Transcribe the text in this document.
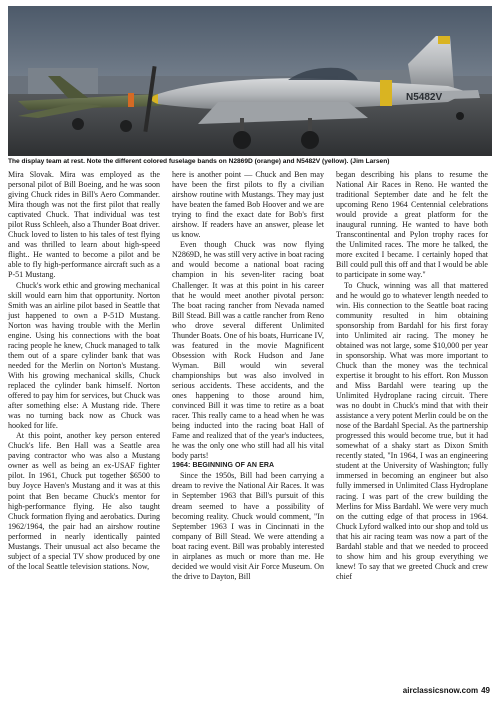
N5482V
The display team at rest. Note the different colored fuselage bands on N2869D (orange) and N5482V (yellow). (Jim Larsen)

Mira Slovak. Mira was employed as the personal pilot of Bill Boeing, and he was soon giving Chuck rides in Bill's Aero Commander. Mira though was not the first pilot that really captivated Chuck. That individual was test pilot Russ Schleeh, also a Thunder Boat driver. Chuck loved to listen to his tales of test flying and was thrilled to learn about high-speed flight.. He wanted to become a pilot and be able to fly high-performance aircraft such as a P-51 Mustang.

Chuck's work ethic and growing mechanical skill would earn him that opportunity. Norton Smith was an airline pilot based in Seattle that just happened to own a P-51D Mustang. Norton was having trouble with the Merlin engine. Using his connections with the boat racing people he knew, Chuck managed to talk them out of a spare cylinder bank that was needed for the Merlin on Norton's Mustang. With his growing mechanical skills, Chuck replaced the cylinder bank himself. Norton offered to pay him for services, but Chuck was after something else: A Mustang ride. There was no turning back now as Chuck was hooked for life.

At this point, another key person entered Chuck's life. Ben Hall was a Seattle area paving contractor who was also a Mustang owner as well as being an ex-USAF fighter pilot. In 1961, Chuck put together $6500 to buy Joyce Haven's Mustang and it was at this point that Ben became Chuck's mentor for high-performance flying. He also taught Chuck formation flying and aerobatics. During 1962/1964, the pair had an airshow routine performed in nearly identically painted Mustangs. Their unusual act also became the subject of a special TV show produced by one of the local Seattle television stations. Now,

here is another point — Chuck and Ben may have been the first pilots to fly a civilian airshow routine with Mustangs. They may just have beaten the famed Bob Hoover and we are trying to find the exact date for Bob's first airshow. If readers have an answer, please let us know.

Even though Chuck was now flying N2869D, he was still very active in boat racing and would become a national boat racing champion in his seven-liter racing boat Challenger. It was at this point in his career that he would meet another pivotal person: The boat racing rancher from Nevada named Bill Stead. Bill was a cattle rancher from Reno who drove several different Unlimited Thunder Boats. One of his boats, Hurricane IV, was featured in the movie Magnificent Obsession with Rock Hudson and Jane Wyman. Bill would win several championships but was also involved in serious accidents. These accidents, and the ones happening to those around him, convinced Bill it was time to retire as a boat racer. This really came to a head when he was being inducted into the racing boat Hall of Fame and realized that of the year's inductees, he was the only one who still had all his vital body parts!

1964: BEGINNING OF AN ERA

Since the 1950s, Bill had been carrying a dream to revive the National Air Races. It was in September 1963 that Bill's pursuit of this dream seemed to have a possibility of becoming reality. Chuck would comment, "In September 1963 I was in Cincinnati in the company of Bill Stead. We were attending a boat racing event. Bill was probably interested in airplanes as much or more than me. He decided we would visit Air Force Museum. On the drive to Dayton, Bill

began describing his plans to resume the National Air Races in Reno. He wanted the traditional September date and he felt the upcoming Reno 1964 Centennial celebrations would provide a great platform for the inaugural running. He wanted to have both Transcontinental and Pylon trophy races for the Unlimited races. The more he talked, the more excited I became. I certainly hoped that Bill could pull this off and that I would be able to participate in some way."

To Chuck, winning was all that mattered and he would go to whatever length needed to win. His connection to the Seattle boat racing community resulted in him obtaining sponsorship from Bardahl for his first foray into Unlimited air racing. The money he obtained was not large, some $10,000 per year in sponsorship. What was more important to Chuck than the money was the technical expertise it brought to his effort. Ron Musson and Miss Bardahl were tearing up the Unlimited Hydroplane racing circuit. There was no doubt in Chuck's mind that with their assistance a very potent Merlin could be on the nose of the Bardahl Special. As the partnership progressed this would become true, but it had somewhat of a shaky start as Dixon Smith recently stated, "In 1964, I was an engineering student at the University of Washington; fully immersed in becoming an engineer but also fully immersed in Unlimited Class Hydroplane racing. I was part of the crew building the Merlins for Miss Bardahl. We were very much on the cutting edge of that process in 1964. Chuck Lyford walked into our shop and told us that his air racing team was now a part of the Bardahl stable and that we needed to proceed to show him and his group everything we knew! To say that we greeted Chuck and crew chief

airclassicsnow.com 49
